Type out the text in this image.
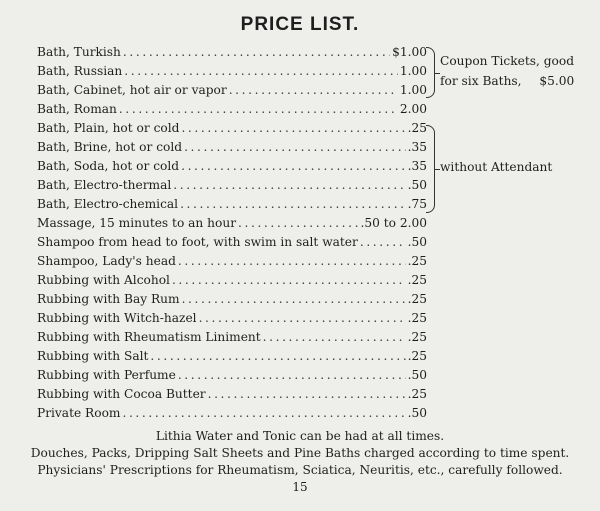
PRICE LIST.
Bath, Turkish .....	$1.00
Bath, Russian .....	1.00
Bath, Cabinet, hot air or vapor .....	1.00
Bath, Roman .....	2.00
Bath, Plain, hot or cold .....	.25
Bath, Brine, hot or cold .....	.35
Bath, Soda, hot or cold .....	.35
Bath, Electro-thermal .....	.50
Bath, Electro-chemical .....	.75
Massage, 15 minutes to an hour .....	.50 to 2.00
Shampoo from head to foot, with swim in salt water .....	.50
Shampoo, Lady's head .....	.25
Rubbing with Alcohol .....	.25
Rubbing with Bay Rum .....	.25
Rubbing with Witch-hazel .....	.25
Rubbing with Rheumatism Liniment .....	.25
Rubbing with Salt .....	.25
Rubbing with Perfume .....	.50
Rubbing with Cocoa Butter .....	.25
Private Room .....	.50
Coupon Tickets, good
for six Baths, $5.00
without Attendant
Lithia Water and Tonic can be had at all times.
Douches, Packs, Dripping Salt Sheets and Pine Baths charged according to time spent.
Physicians' Prescriptions for Rheumatism, Sciatica, Neuritis, etc., carefully followed.
15
